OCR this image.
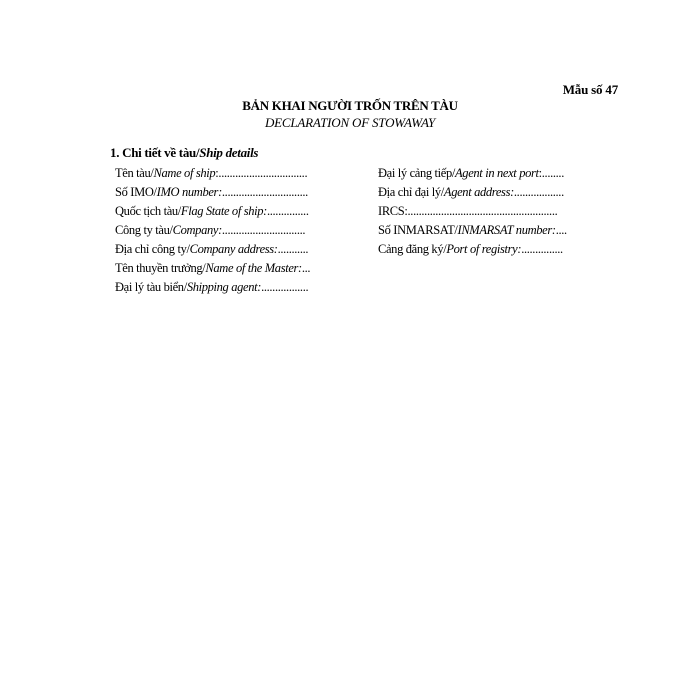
Mẫu số 47
BẢN KHAI NGƯỜI TRỐN TRÊN TÀU
DECLARATION OF STOWAWAY
1. Chi tiết về tàu/Ship details
Tên tàu/Name of ship:................................
Số IMO/IMO number:...............................
Quốc tịch tàu/Flag State of ship:...............
Công ty tàu/Company:..............................
Địa chỉ công ty/Company address:...........
Tên thuyền trưởng/Name of the Master:...
Đại lý tàu biển/Shipping agent:.................
Đại lý cảng tiếp/Agent in next port:........
Địa chỉ đại lý/Agent address:..................
IRCS:......................................................
Số INMARSAT/INMARSAT number:....
Cảng đăng ký/Port of registry:...............
